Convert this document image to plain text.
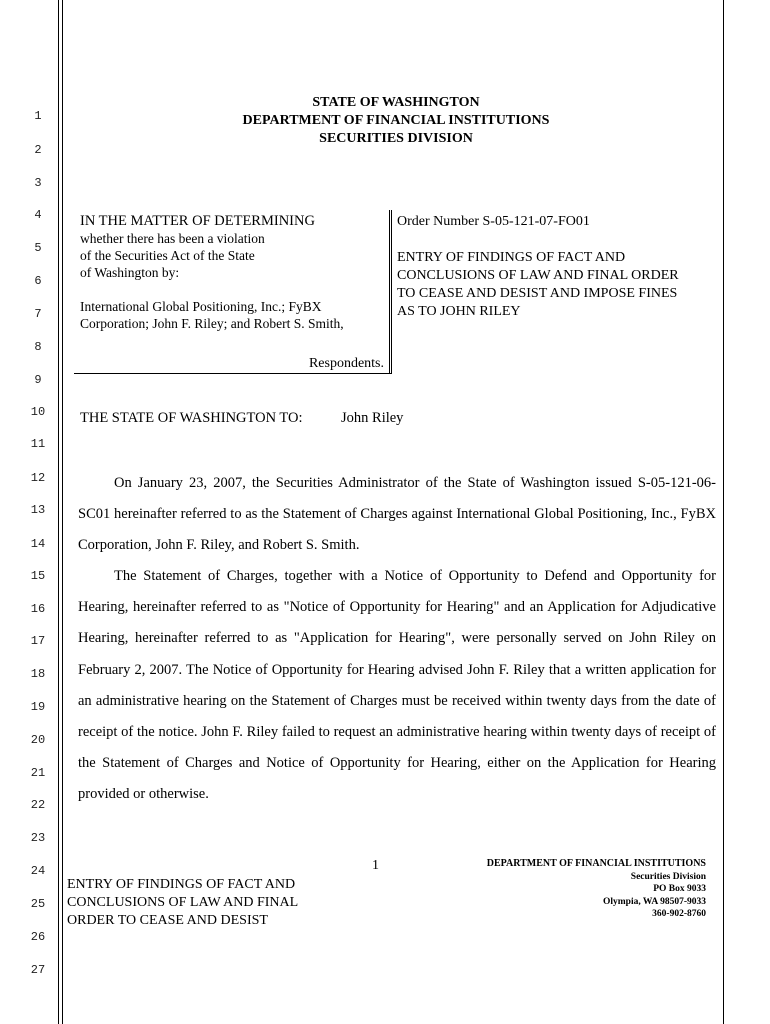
1
2
3
4
5
6
7
8
9
10
11
12
13
14
15
16
17
18
19
20
21
22
23
24
25
26
27
STATE OF WASHINGTON
DEPARTMENT OF FINANCIAL INSTITUTIONS
SECURITIES DIVISION
IN THE MATTER OF DETERMINING
whether there has been a violation
of the Securities Act of the State
of Washington by:
International Global Positioning, Inc.; FyBX
Corporation; John F. Riley; and Robert S. Smith,
Respondents.
Order Number S-05-121-07-FO01
ENTRY OF FINDINGS OF FACT AND
CONCLUSIONS OF LAW AND FINAL ORDER
TO CEASE AND DESIST AND IMPOSE FINES
AS TO JOHN RILEY
THE STATE OF WASHINGTON TO:	John Riley

On January 23, 2007, the Securities Administrator of the State of Washington issued S-05-121-06-SC01 hereinafter referred to as the Statement of Charges against International Global Positioning, Inc., FyBX Corporation, John F. Riley, and Robert S. Smith.

The Statement of Charges, together with a Notice of Opportunity to Defend and Opportunity for Hearing, hereinafter referred to as "Notice of Opportunity for Hearing" and an Application for Adjudicative Hearing, hereinafter referred to as "Application for Hearing", were personally served on John Riley on February 2, 2007. The Notice of Opportunity for Hearing advised John F. Riley that a written application for an administrative hearing on the Statement of Charges must be received within twenty days from the date of receipt of the notice. John F. Riley failed to request an administrative hearing within twenty days of receipt of the Statement of Charges and Notice of Opportunity for Hearing, either on the Application for Hearing provided or otherwise.

1
ENTRY OF FINDINGS OF FACT AND
CONCLUSIONS OF LAW AND FINAL
ORDER TO CEASE AND DESIST
DEPARTMENT OF FINANCIAL INSTITUTIONS
Securities Division
PO Box 9033
Olympia, WA 98507-9033
360-902-8760
